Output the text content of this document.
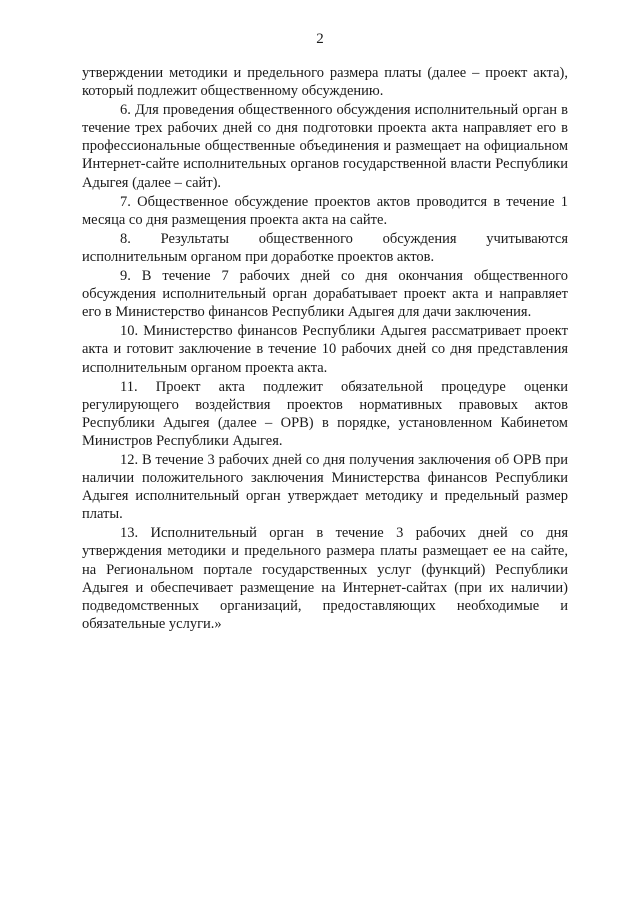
2

утверждении методики и предельного размера платы (далее – проект акта), который подлежит общественному обсуждению.

6. Для проведения общественного обсуждения исполнительный орган в течение трех рабочих дней со дня подготовки проекта акта направляет его в профессиональные общественные объединения и размещает на официальном Интернет-сайте исполнительных органов государственной власти Республики Адыгея (далее – сайт).

7. Общественное обсуждение проектов актов проводится в течение 1 месяца со дня размещения проекта акта на сайте.

8. Результаты общественного обсуждения учитываются исполнительным органом при доработке проектов актов.

9. В течение 7 рабочих дней со дня окончания общественного обсуждения исполнительный орган дорабатывает проект акта и направляет его в Министерство финансов Республики Адыгея для дачи заключения.

10. Министерство финансов Республики Адыгея рассматривает проект акта и готовит заключение в течение 10 рабочих дней со дня представления исполнительным органом проекта акта.

11. Проект акта подлежит обязательной процедуре оценки регулирующего воздействия проектов нормативных правовых актов Республики Адыгея (далее – ОРВ) в порядке, установленном Кабинетом Министров Республики Адыгея.

12. В течение 3 рабочих дней со дня получения заключения об ОРВ при наличии положительного заключения Министерства финансов Республики Адыгея исполнительный орган утверждает методику и предельный размер платы.

13. Исполнительный орган в течение 3 рабочих дней со дня утверждения методики и предельного размера платы размещает ее на сайте, на Региональном портале государственных услуг (функций) Республики Адыгея и обеспечивает размещение на Интернет-сайтах (при их наличии) подведомственных организаций, предоставляющих необходимые и обязательные услуги.»
